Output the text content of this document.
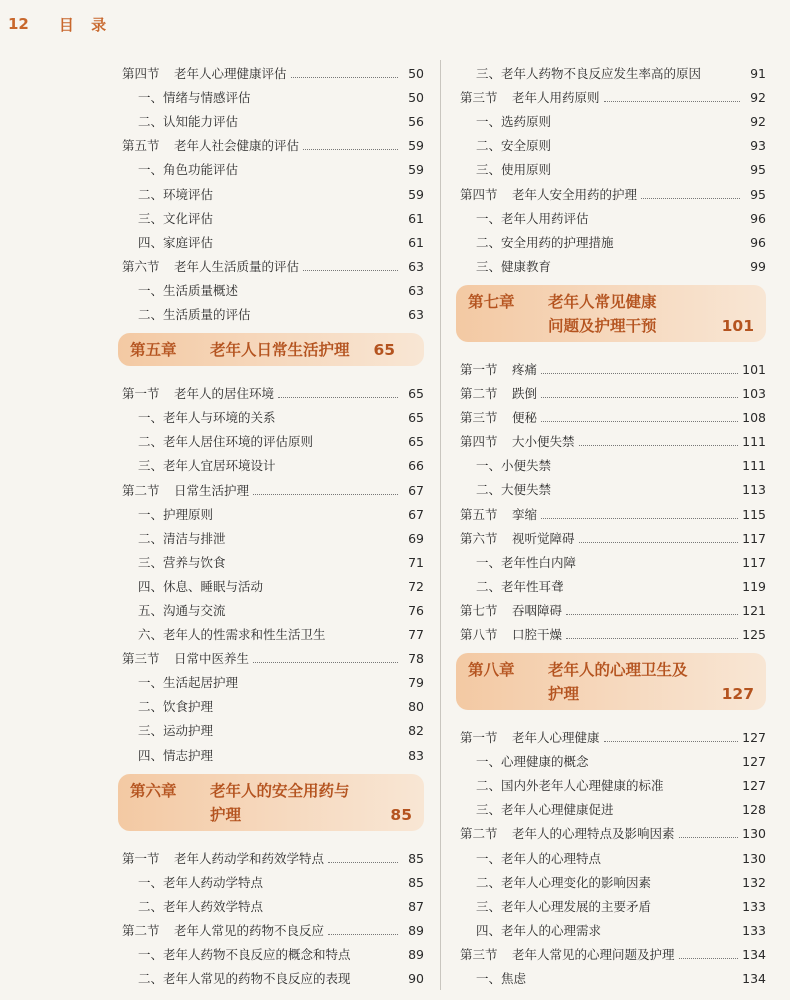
12 目 录
第四节	老年人心理健康评估	50
一、情绪与情感评估	50
二、认知能力评估	56
第五节	老年人社会健康的评估	59
一、角色功能评估	59
二、环境评估	59
三、文化评估	61
四、家庭评估	61
第六节	老年人生活质量的评估	63
一、生活质量概述	63
二、生活质量的评估	63
第五章	老年人日常生活护理 65
第一节	老年人的居住环境	65
一、老年人与环境的关系	65
二、老年人居住环境的评估原则	65
三、老年人宜居环境设计	66
第二节	日常生活护理	67
一、护理原则	67
二、清洁与排泄	69
三、营养与饮食	71
四、休息、睡眠与活动	72
五、沟通与交流	76
六、老年人的性需求和性生活卫生	77
第三节	日常中医养生	78
一、生活起居护理	79
二、饮食护理	80
三、运动护理	82
四、情志护理	83
第六章	老年人的安全用药与
护理	85
第一节	老年人药动学和药效学特点	85
一、老年人药动学特点	85
二、老年人药效学特点	87
第二节	老年人常见的药物不良反应	89
一、老年人药物不良反应的概念和特点	89
二、老年人常见的药物不良反应的表现	90
三、老年人药物不良反应发生率高的原因	91
第三节	老年人用药原则	92
一、选药原则	92
二、安全原则	93
三、使用原则	95
第四节	老年人安全用药的护理	95
一、老年人用药评估	96
二、安全用药的护理措施	96
三、健康教育	99
第七章	老年人常见健康
问题及护理干预	101
第一节	疼痛	101
第二节	跌倒	103
第三节	便秘	108
第四节	大小便失禁	111
一、小便失禁	111
二、大便失禁	113
第五节	挛缩	115
第六节	视听觉障碍	117
一、老年性白内障	117
二、老年性耳聋	119
第七节	吞咽障碍	121
第八节	口腔干燥	125
第八章	老年人的心理卫生及
护理	127
第一节	老年人心理健康	127
一、心理健康的概念	127
二、国内外老年人心理健康的标准	127
三、老年人心理健康促进	128
第二节	老年人的心理特点及影响因素	130
一、老年人的心理特点	130
二、老年人心理变化的影响因素	132
三、老年人心理发展的主要矛盾	133
四、老年人的心理需求	133
第三节	老年人常见的心理问题及护理	134
一、焦虑	134
